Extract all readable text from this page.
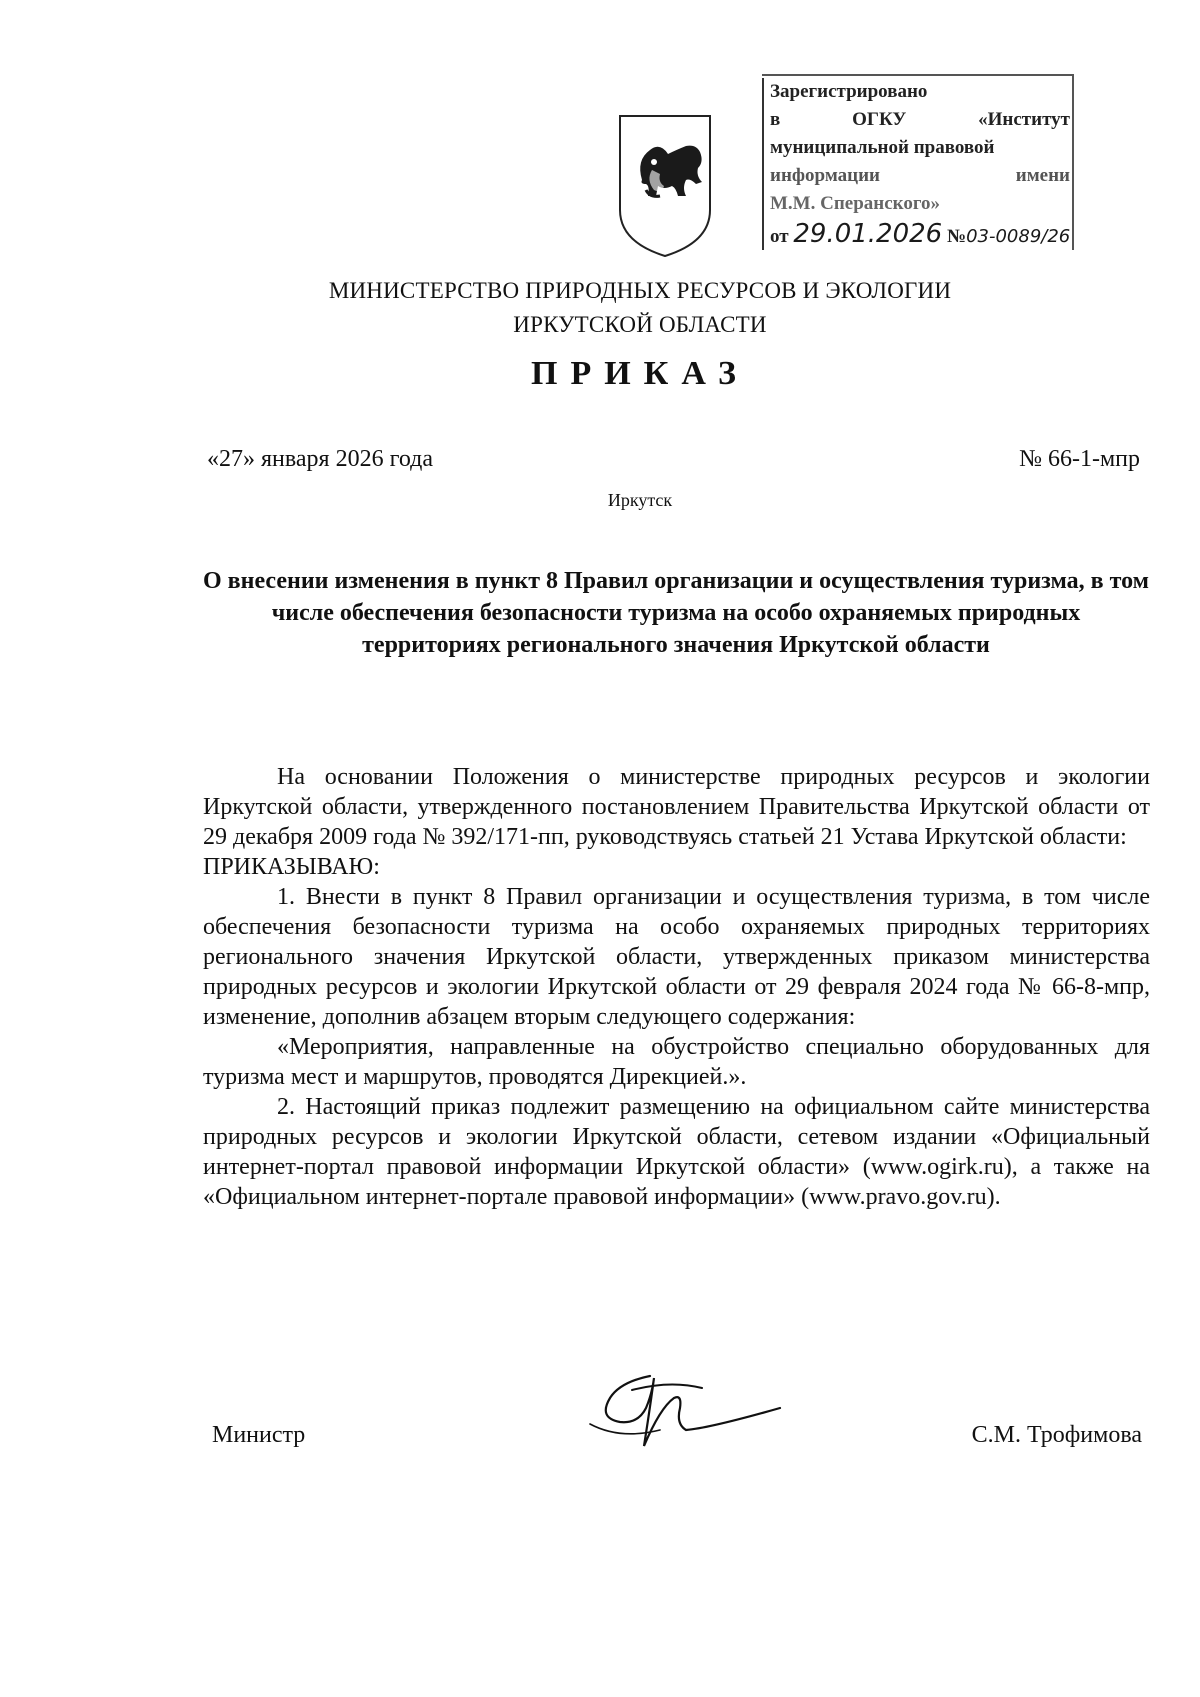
Зарегистрировано
в	ОГКУ	«Институт
муниципальной правовой
информации	имени
М.М. Сперанского»
от 29.01.2026 №03-0089/26
МИНИСТЕРСТВО ПРИРОДНЫХ РЕСУРСОВ И ЭКОЛОГИИ
ИРКУТСКОЙ ОБЛАСТИ
ПРИКАЗ
«27» января 2026 года	№ 66-1-мпр
Иркутск
О внесении изменения в пункт 8 Правил организации и осуществления туризма, в том числе обеспечения безопасности туризма на особо охраняемых природных территориях регионального значения Иркутской области

На основании Положения о министерстве природных ресурсов и экологии Иркутской области, утвержденного постановлением Правительства Иркутской области от 29 декабря 2009 года № 392/171-пп, руководствуясь статьей 21 Устава Иркутской области:

ПРИКАЗЫВАЮ:

1. Внести в пункт 8 Правил организации и осуществления туризма, в том числе обеспечения безопасности туризма на особо охраняемых природных территориях регионального значения Иркутской области, утвержденных приказом министерства природных ресурсов и экологии Иркутской области от 29 февраля 2024 года № 66-8-мпр, изменение, дополнив абзацем вторым следующего содержания:

«Мероприятия, направленные на обустройство специально оборудованных для туризма мест и маршрутов, проводятся Дирекцией.».

2. Настоящий приказ подлежит размещению на официальном сайте министерства природных ресурсов и экологии Иркутской области, сетевом издании «Официальный интернет-портал правовой информации Иркутской области» (www.ogirk.ru), а также на «Официальном интернет-портале правовой информации» (www.pravo.gov.ru).

Министр	С.М. Трофимова
